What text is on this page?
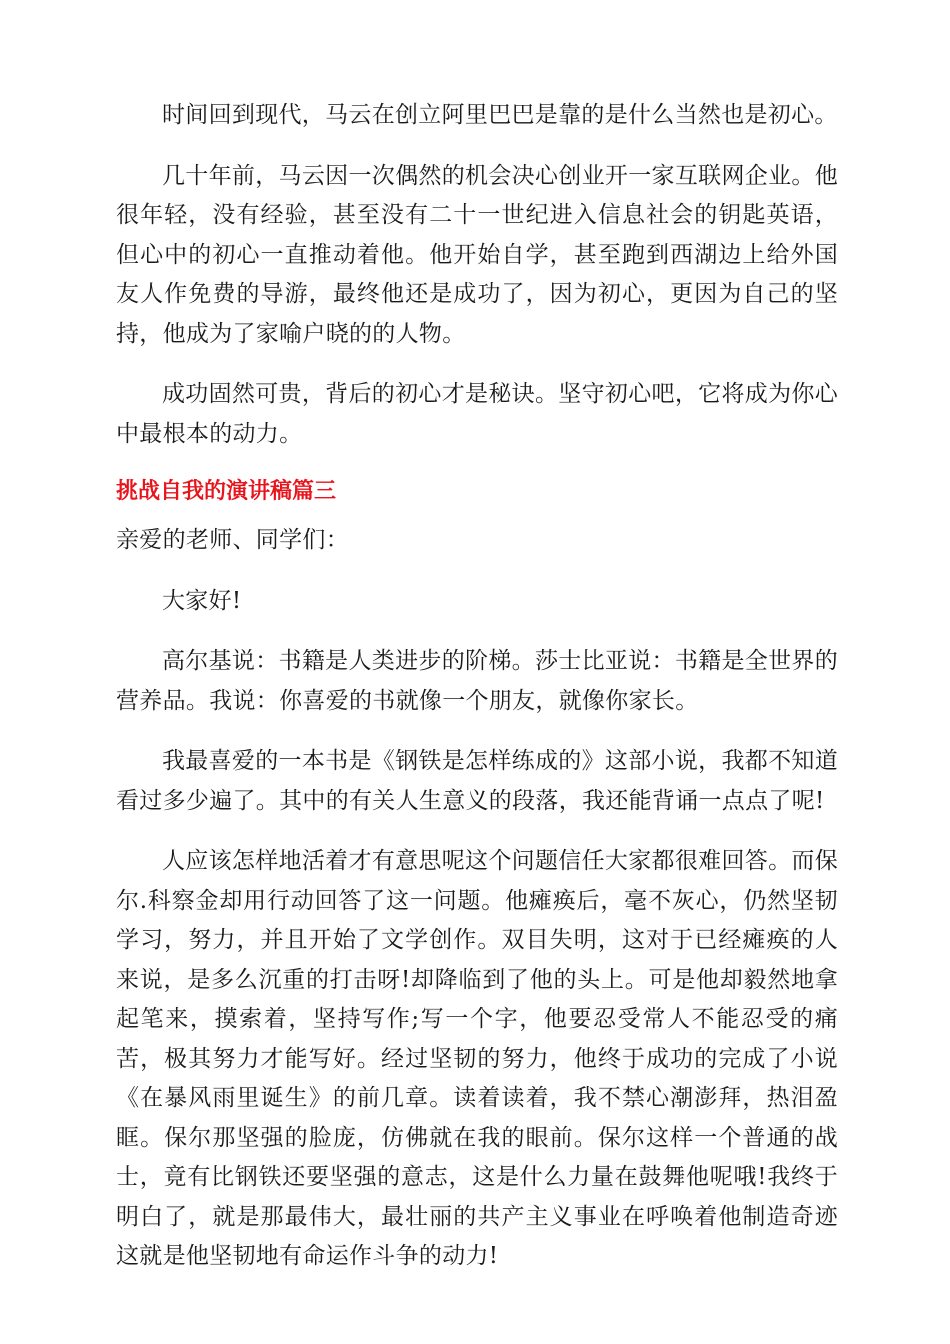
时间回到现代，马云在创立阿里巴巴是靠的是什么当然也是初心。

几十年前，马云因一次偶然的机会决心创业开一家互联网企业。他很年轻，没有经验，甚至没有二十一世纪进入信息社会的钥匙英语，但心中的初心一直推动着他。他开始自学，甚至跑到西湖边上给外国友人作免费的导游，最终他还是成功了，因为初心，更因为自己的坚持，他成为了家喻户晓的的人物。

成功固然可贵，背后的初心才是秘诀。坚守初心吧，它将成为你心中最根本的动力。

挑战自我的演讲稿篇三

亲爱的老师、同学们：

大家好!

高尔基说：书籍是人类进步的阶梯。莎士比亚说：书籍是全世界的营养品。我说：你喜爱的书就像一个朋友，就像你家长。

我最喜爱的一本书是《钢铁是怎样练成的》这部小说，我都不知道看过多少遍了。其中的有关人生意义的段落，我还能背诵一点点了呢!

人应该怎样地活着才有意思呢这个问题信任大家都很难回答。而保尔.科察金却用行动回答了这一问题。他瘫痪后，毫不灰心，仍然坚韧学习，努力，并且开始了文学创作。双目失明，这对于已经瘫痪的人来说，是多么沉重的打击呀!却降临到了他的头上。可是他却毅然地拿起笔来，摸索着，坚持写作;写一个字，他要忍受常人不能忍受的痛苦，极其努力才能写好。经过坚韧的努力，他终于成功的完成了小说《在暴风雨里诞生》的前几章。读着读着，我不禁心潮澎拜，热泪盈眶。保尔那坚强的脸庞，仿佛就在我的眼前。保尔这样一个普通的战士，竟有比钢铁还要坚强的意志，这是什么力量在鼓舞他呢哦!我终于明白了，就是那最伟大，最壮丽的共产主义事业在呼唤着他制造奇迹这就是他坚韧地有命运作斗争的动力!
